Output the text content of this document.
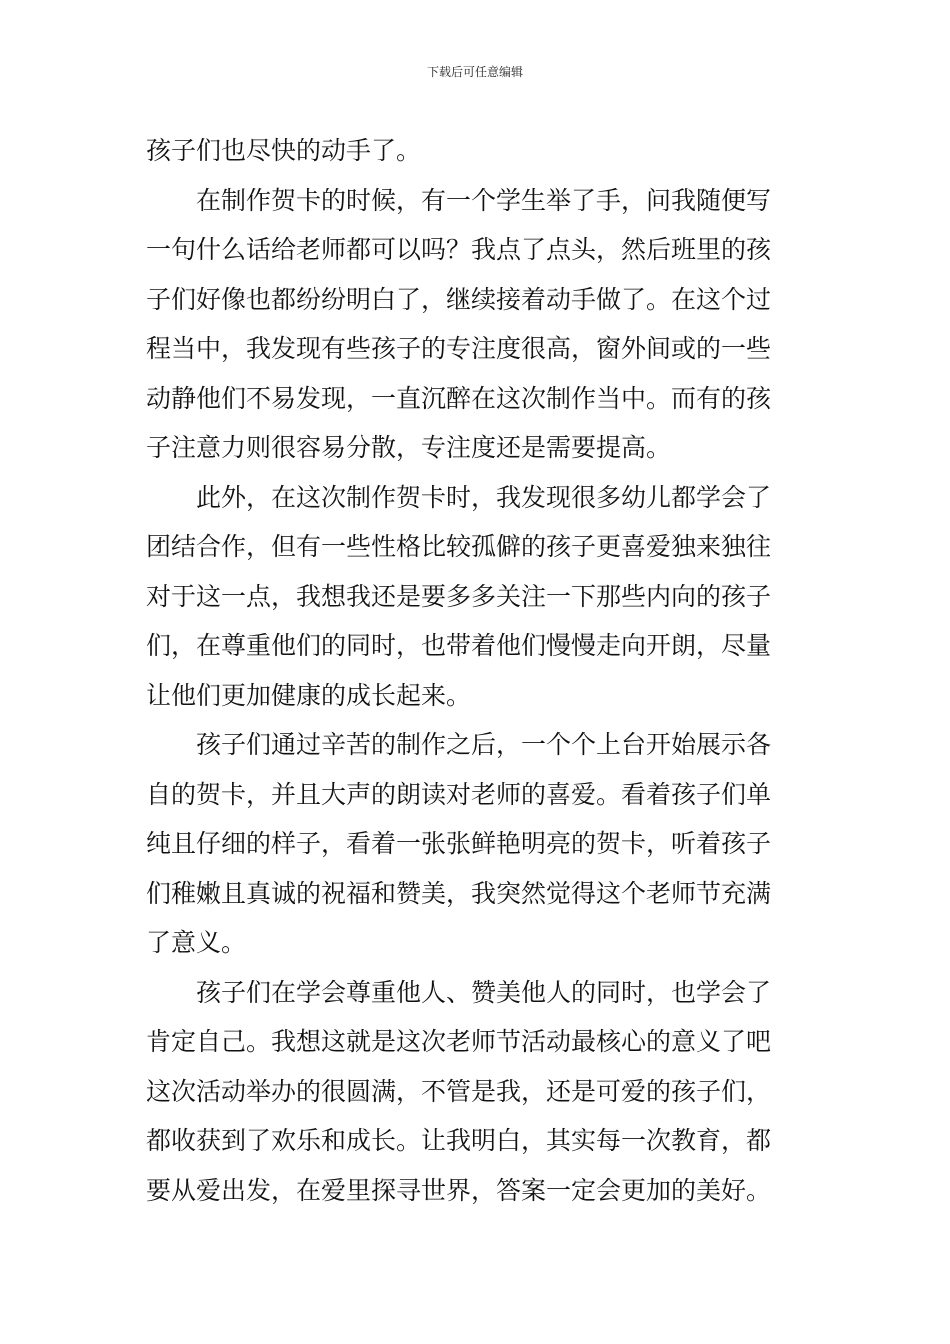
下载后可任意编辑
孩子们也尽快的动手了。
在制作贺卡的时候，有一个学生举了手，问我随便写
一句什么话给老师都可以吗？我点了点头，然后班里的孩
子们好像也都纷纷明白了，继续接着动手做了。在这个过
程当中，我发现有些孩子的专注度很高，窗外间或的一些
动静他们不易发现，一直沉醉在这次制作当中。而有的孩
子注意力则很容易分散，专注度还是需要提高。
此外，在这次制作贺卡时，我发现很多幼儿都学会了
团结合作，但有一些性格比较孤僻的孩子更喜爱独来独往
对于这一点，我想我还是要多多关注一下那些内向的孩子
们，在尊重他们的同时，也带着他们慢慢走向开朗，尽量
让他们更加健康的成长起来。
孩子们通过辛苦的制作之后，一个个上台开始展示各
自的贺卡，并且大声的朗读对老师的喜爱。看着孩子们单
纯且仔细的样子，看着一张张鲜艳明亮的贺卡，听着孩子
们稚嫩且真诚的祝福和赞美，我突然觉得这个老师节充满
了意义。
孩子们在学会尊重他人、赞美他人的同时，也学会了
肯定自己。我想这就是这次老师节活动最核心的意义了吧
这次活动举办的很圆满，不管是我，还是可爱的孩子们，
都收获到了欢乐和成长。让我明白，其实每一次教育，都
要从爱出发，在爱里探寻世界，答案一定会更加的美好。
